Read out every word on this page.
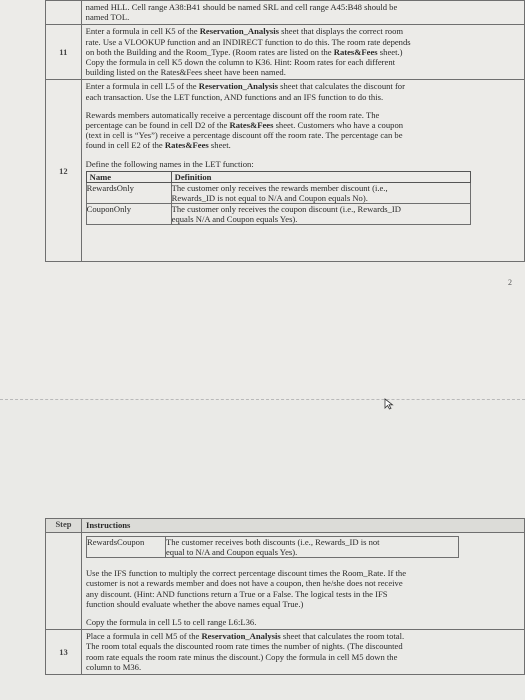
2

named HLL. Cell range A38:B41 should be named SRL and cell range A45:B48 should be

named TOL.

11	

Enter a formula in cell K5 of the Reservation_Analysis sheet that displays the correct room

rate. Use a VLOOKUP function and an INDIRECT function to do this. The room rate depends

on both the Building and the Room_Type. (Room rates are listed on the Rates&Fees sheet.)

Copy the formula in cell K5 down the column to K36. Hint: Room rates for each different

building listed on the Rates&Fees sheet have been named.

12	

Enter a formula in cell L5 of the Reservation_Analysis sheet that calculates the discount for

each transaction. Use the LET function, AND functions and an IFS function to do this.

Rewards members automatically receive a percentage discount off the room rate. The

percentage can be found in cell D2 of the Rates&Fees sheet. Customers who have a coupon

(text in cell is “Yes”) receive a percentage discount off the room rate. The percentage can be

found in cell E2 of the Rates&Fees sheet.

Define the following names in the LET function:

Name	Definition
RewardsOnly	The customer only receives the rewards member discount (i.e.,

Rewards_ID is not equal to N/A and Coupon equals No).

CouponOnly	The customer only receives the coupon discount (i.e., Rewards_ID

equals N/A and Coupon equals Yes).

Step	Instructions

RewardsCoupon	The customer receives both discounts (i.e., Rewards_ID is not

equal to N/A and Coupon equals Yes).

Use the IFS function to multiply the correct percentage discount times the Room_Rate. If the

customer is not a rewards member and does not have a coupon, then he/she does not receive

any discount. (Hint: AND functions return a True or a False. The logical tests in the IFS

function should evaluate whether the above names equal True.)

Copy the formula in cell L5 to cell range L6:L36.

13	

Place a formula in cell M5 of the Reservation_Analysis sheet that calculates the room total.

The room total equals the discounted room rate times the number of nights. (The discounted

room rate equals the room rate minus the discount.) Copy the formula in cell M5 down the

column to M36.
